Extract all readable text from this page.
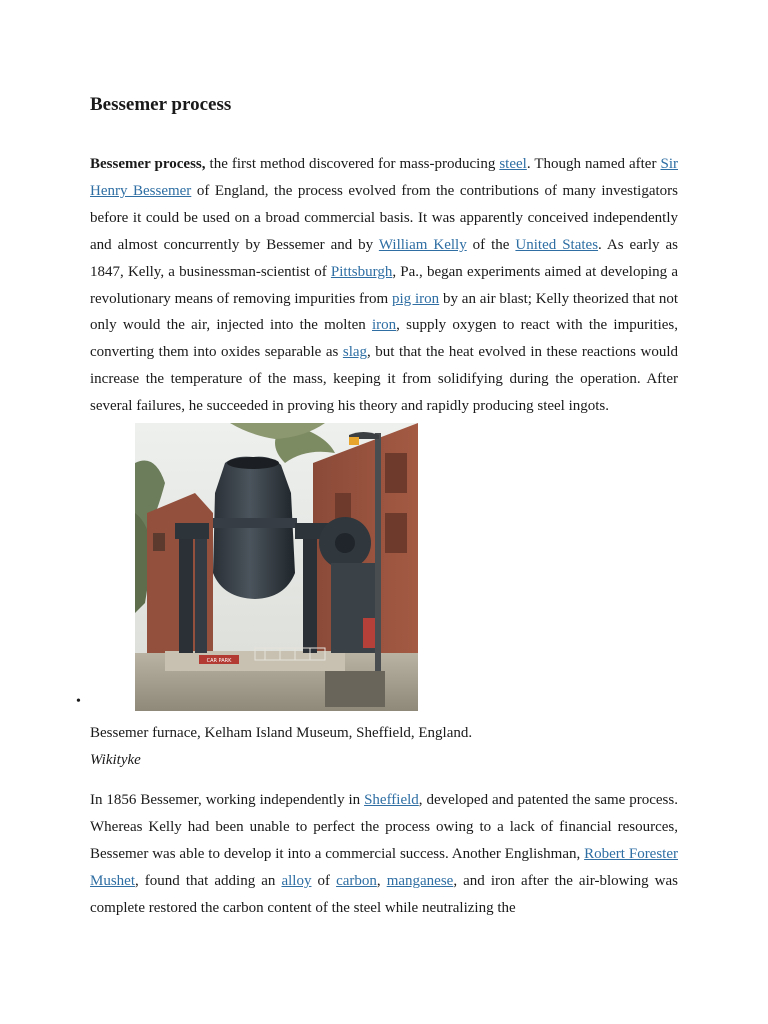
Bessemer process

Bessemer process, the first method discovered for mass-producing steel. Though named after Sir Henry Bessemer of England, the process evolved from the contributions of many investigators before it could be used on a broad commercial basis. It was apparently conceived independently and almost concurrently by Bessemer and by William Kelly of the United States. As early as 1847, Kelly, a businessman-scientist of Pittsburgh, Pa., began experiments aimed at developing a revolutionary means of removing impurities from pig iron by an air blast; Kelly theorized that not only would the air, injected into the molten iron, supply oxygen to react with the impurities, converting them into oxides separable as slag, but that the heat evolved in these reactions would increase the temperature of the mass, keeping it from solidifying during the operation. After several failures, he succeeded in proving his theory and rapidly producing steel ingots.

•
CAR PARK
Bessemer furnace, Kelham Island Museum, Sheffield, England.
Wikityke

In 1856 Bessemer, working independently in Sheffield, developed and patented the same process. Whereas Kelly had been unable to perfect the process owing to a lack of financial resources, Bessemer was able to develop it into a commercial success. Another Englishman, Robert Forester Mushet, found that adding an alloy of carbon, manganese, and iron after the air-blowing was complete restored the carbon content of the steel while neutralizing the
